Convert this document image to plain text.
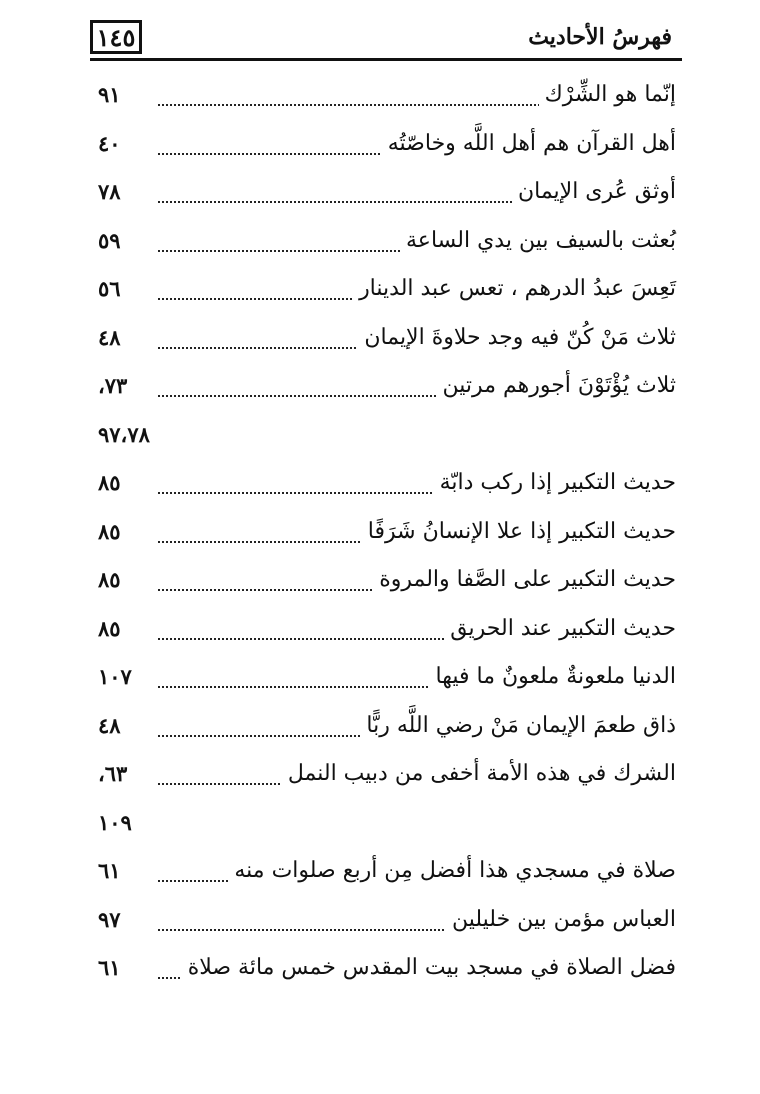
١٤٥	فهرسُ الأحاديث
إنّما هو الشِّرْك
٩١
أهل القرآن هم أهل اللَّه وخاصّتُه
٤٠
أوثق عُرى الإيمان
٧٨
بُعثت بالسيف بين يدي الساعة
٥٩
تَعِسَ عبدُ الدرهم ، تعس عبد الدينار
٥٦
ثلاث مَنْ كُنّ فيه وجد حلاوةَ الإيمان
٤٨
ثلاث يُؤْتَوْنَ أجورهم مرتين
٧٣،
٩٧،٧٨
حديث التكبير إذا ركب دابّة
٨٥
حديث التكبير إذا علا الإنسانُ شَرَفًا
٨٥
حديث التكبير على الصَّفا والمروة
٨٥
حديث التكبير عند الحريق
٨٥
الدنيا ملعونةٌ ملعونٌ ما فيها
١٠٧
ذاق طعمَ الإيمان مَنْ رضي اللَّه ربًّا
٤٨
الشرك في هذه الأمة أخفى من دبيب النمل
٦٣،
١٠٩
صلاة في مسجدي هذا أفضل مِن أربع صلوات منه
٦١
العباس مؤمن بين خليلين
٩٧
فضل الصلاة في مسجد بيت المقدس خمس مائة صلاة
٦١
